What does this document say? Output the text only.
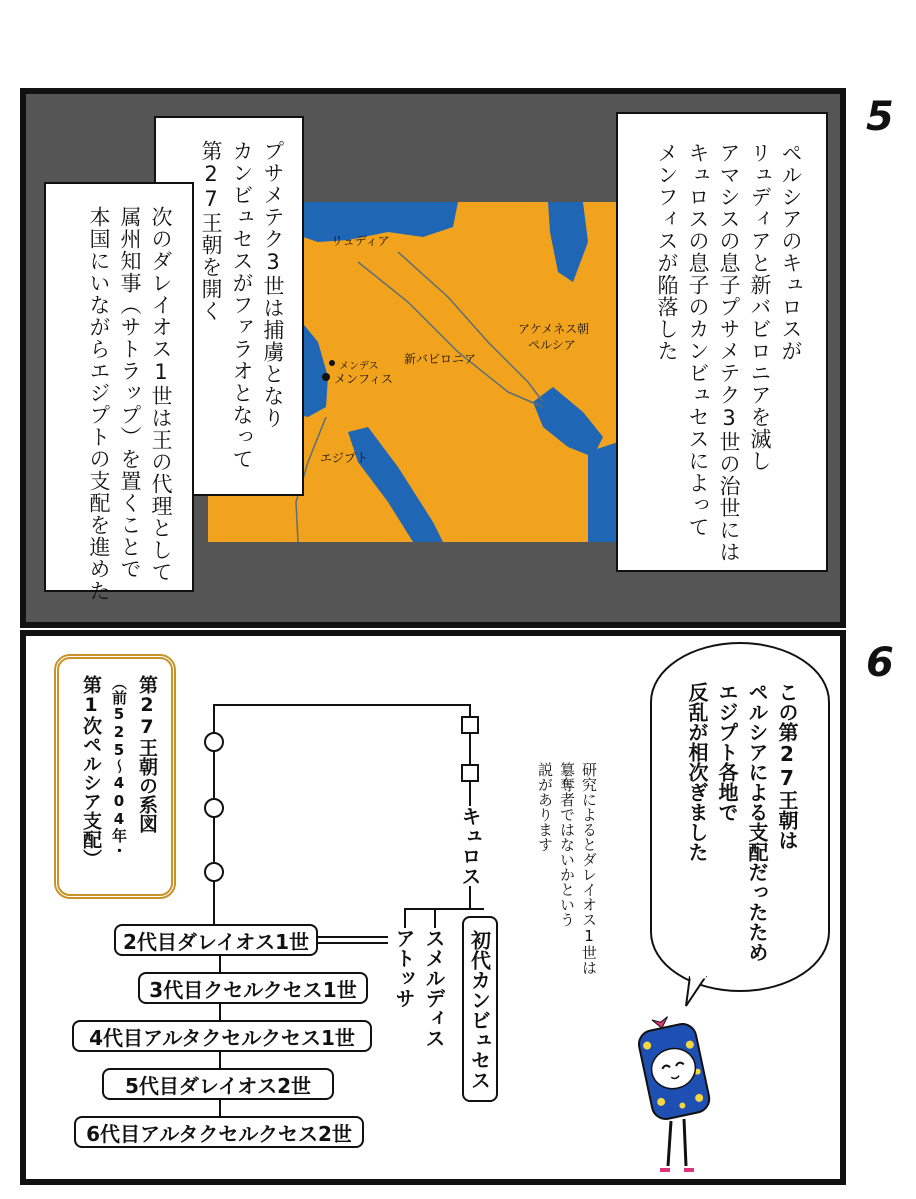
5
6
リュディア
アケメネス朝
ペルシア
メンデス
メンフィス
新バビロニア
エジプト
ペルシアのキュロスが
リュディアと新バビロニアを滅し
アマシスの息子プサメテク3世の治世には
キュロスの息子のカンビュセスによって
メンフィスが陥落した
プサメテク3世は捕虜となり
カンビュセスがファラオとなって
第27王朝を開く
次のダレイオス1世は王の代理として
属州知事（サトラップ）を置くことで
本国にいながらエジプトの支配を進めた
第27王朝の系図
（前525〜404年・
第1次ペルシア支配）	キュロス
初代カンビュセス
スメルディス
アトッサ
2代目ダレイオス1世
3代目クセルクセス1世
4代目アルタクセルクセス1世
5代目ダレイオス2世
6代目アルタクセルクセス2世
研究によるとダレイオス1世は
簒奪者ではないかという
説があります	この第27王朝は
ペルシアによる支配だったため
エジプト各地で
反乱が相次ぎました
